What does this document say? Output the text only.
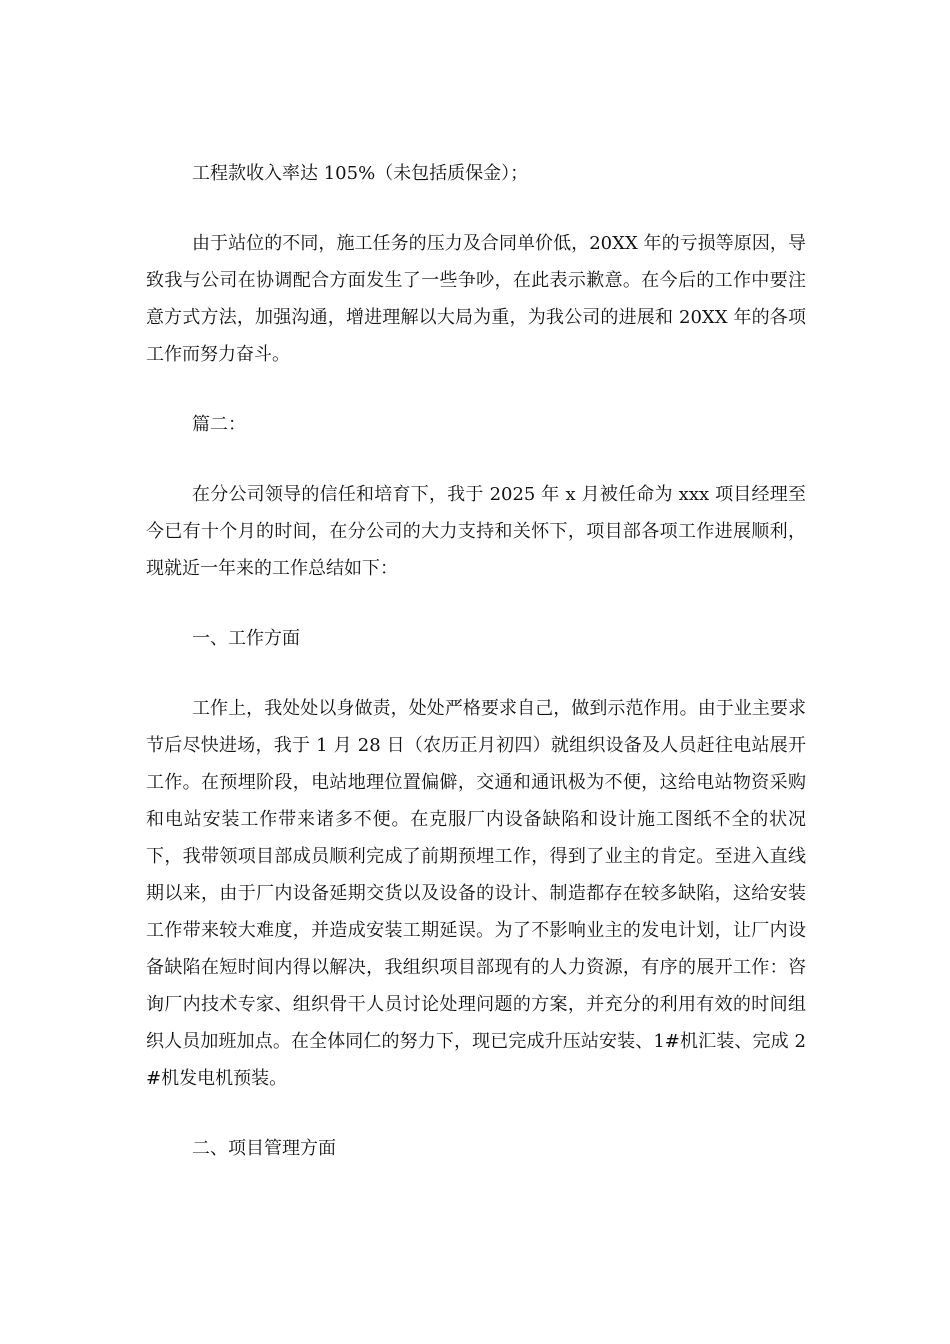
工程款收入率达 105%（未包括质保金）；

由于站位的不同，施工任务的压力及合同单价低，20XX 年的亏损等原因，导致我与公司在协调配合方面发生了一些争吵，在此表示歉意。在今后的工作中要注意方式方法，加强沟通，增进理解以大局为重，为我公司的进展和 20XX 年的各项工作而努力奋斗。

篇二：

在分公司领导的信任和培育下，我于 2025 年 x 月被任命为 xxx 项目经理至今已有十个月的时间，在分公司的大力支持和关怀下，项目部各项工作进展顺利，现就近一年来的工作总结如下：

一、工作方面

工作上，我处处以身做责，处处严格要求自己，做到示范作用。由于业主要求节后尽快进场，我于 1 月 28 日（农历正月初四）就组织设备及人员赶往电站展开工作。在预埋阶段，电站地理位置偏僻，交通和通讯极为不便，这给电站物资采购和电站安装工作带来诸多不便。在克服厂内设备缺陷和设计施工图纸不全的状况下，我带领项目部成员顺利完成了前期预埋工作，得到了业主的肯定。至进入直线期以来，由于厂内设备延期交货以及设备的设计、制造都存在较多缺陷，这给安装工作带来较大难度，并造成安装工期延误。为了不影响业主的发电计划，让厂内设备缺陷在短时间内得以解决，我组织项目部现有的人力资源，有序的展开工作：咨询厂内技术专家、组织骨干人员讨论处理问题的方案，并充分的利用有效的时间组织人员加班加点。在全体同仁的努力下，现已完成升压站安装、1#机汇装、完成 2#机发电机预装。

二、项目管理方面
